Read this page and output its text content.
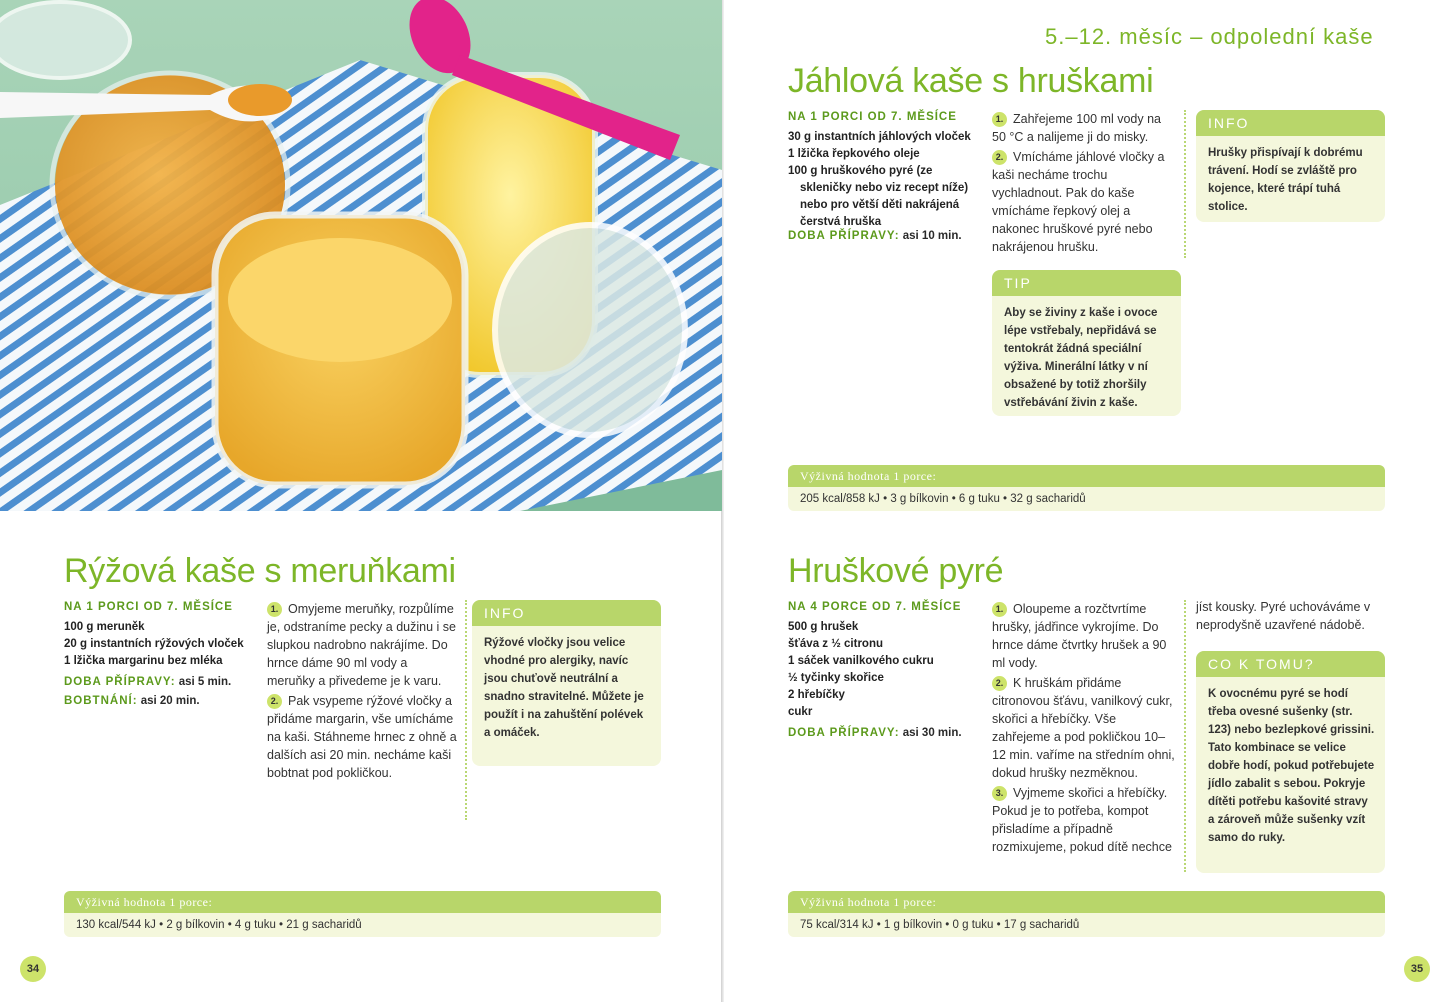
Rýžová kaše s meruňkami
NA 1 PORCI OD 7. MĚSÍCE
100 g meruněk
20 g instantních rýžových vloček
1 lžička margarinu bez mléka
DOBA PŘÍPRAVY: asi 5 min.
BOBTNÁNÍ: asi 20 min.

1. Omyjeme meruňky, rozpůlíme je, odstraníme pecky a dužinu i se slupkou nadrobno nakrájíme. Do hrnce dáme 90 ml vody a meruňky a přivedeme je k varu.

2. Pak vsypeme rýžové vločky a přidáme margarin, vše umícháme na kaši. Stáhneme hrnec z ohně a dalších asi 20 min. necháme kaši bobtnat pod pokličkou.

INFO
Rýžové vločky jsou velice vhodné pro alergiky, navíc jsou chuťově neutrální a snadno stravitelné. Můžete je použít i na zahuštění polévek a omáček.
Výživná hodnota 1 porce:
130 kcal/544 kJ • 2 g bílkovin • 4 g tuku • 21 g sacharidů
34
5.–12. měsíc – odpolední kaše
Jáhlová kaše s hruškami
NA 1 PORCI OD 7. MĚSÍCE
30 g instantních jáhlových vloček
1 lžička řepkového oleje
100 g hruškového pyré (ze skleničky nebo viz recept níže) nebo pro větší děti nakrájená čerstvá hruška
DOBA PŘÍPRAVY: asi 10 min.

1. Zahřejeme 100 ml vody na 50 °C a nalijeme ji do misky.

2. Vmícháme jáhlové vločky a kaši necháme trochu vychladnout. Pak do kaše vmícháme řepkový olej a nakonec hruškové pyré nebo nakrájenou hrušku.

INFO
Hrušky přispívají k dobrému trávení. Hodí se zvláště pro kojence, které trápí tuhá stolice.
TIP
Aby se živiny z kaše i ovoce lépe vstřebaly, nepřidává se tentokrát žádná speciální výživa. Minerální látky v ní obsažené by totiž zhoršily vstřebávání živin z kaše.
Výživná hodnota 1 porce:
205 kcal/858 kJ • 3 g bílkovin • 6 g tuku • 32 g sacharidů
Hruškové pyré
NA 4 PORCE OD 7. MĚSÍCE
500 g hrušek
šťáva z ½ citronu
1 sáček vanilkového cukru
½ tyčinky skořice
2 hřebíčky
cukr
DOBA PŘÍPRAVY: asi 30 min.

1. Oloupeme a rozčtvrtíme hrušky, jádřince vykrojíme. Do hrnce dáme čtvrtky hrušek a 90 ml vody.

2. K hruškám přidáme citronovou šťávu, vanilkový cukr, skořici a hřebíčky. Vše zahřejeme a pod pokličkou 10–12 min. vaříme na středním ohni, dokud hrušky nezměknou.

3. Vyjmeme skořici a hřebíčky. Pokud je to potřeba, kompot přisladíme a případně rozmixujeme, pokud dítě nechce

jíst kousky. Pyré uchováváme v neprodyšně uzavřené nádobě.
CO K TOMU?
K ovocnému pyré se hodí třeba ovesné sušenky (str. 123) nebo bezlepkové grissini. Tato kombinace se velice dobře hodí, pokud potřebujete jídlo zabalit s sebou. Pokryje dítěti potřebu kašovité stravy a zároveň může sušenky vzít samo do ruky.
Výživná hodnota 1 porce:
75 kcal/314 kJ • 1 g bílkovin • 0 g tuku • 17 g sacharidů
35
